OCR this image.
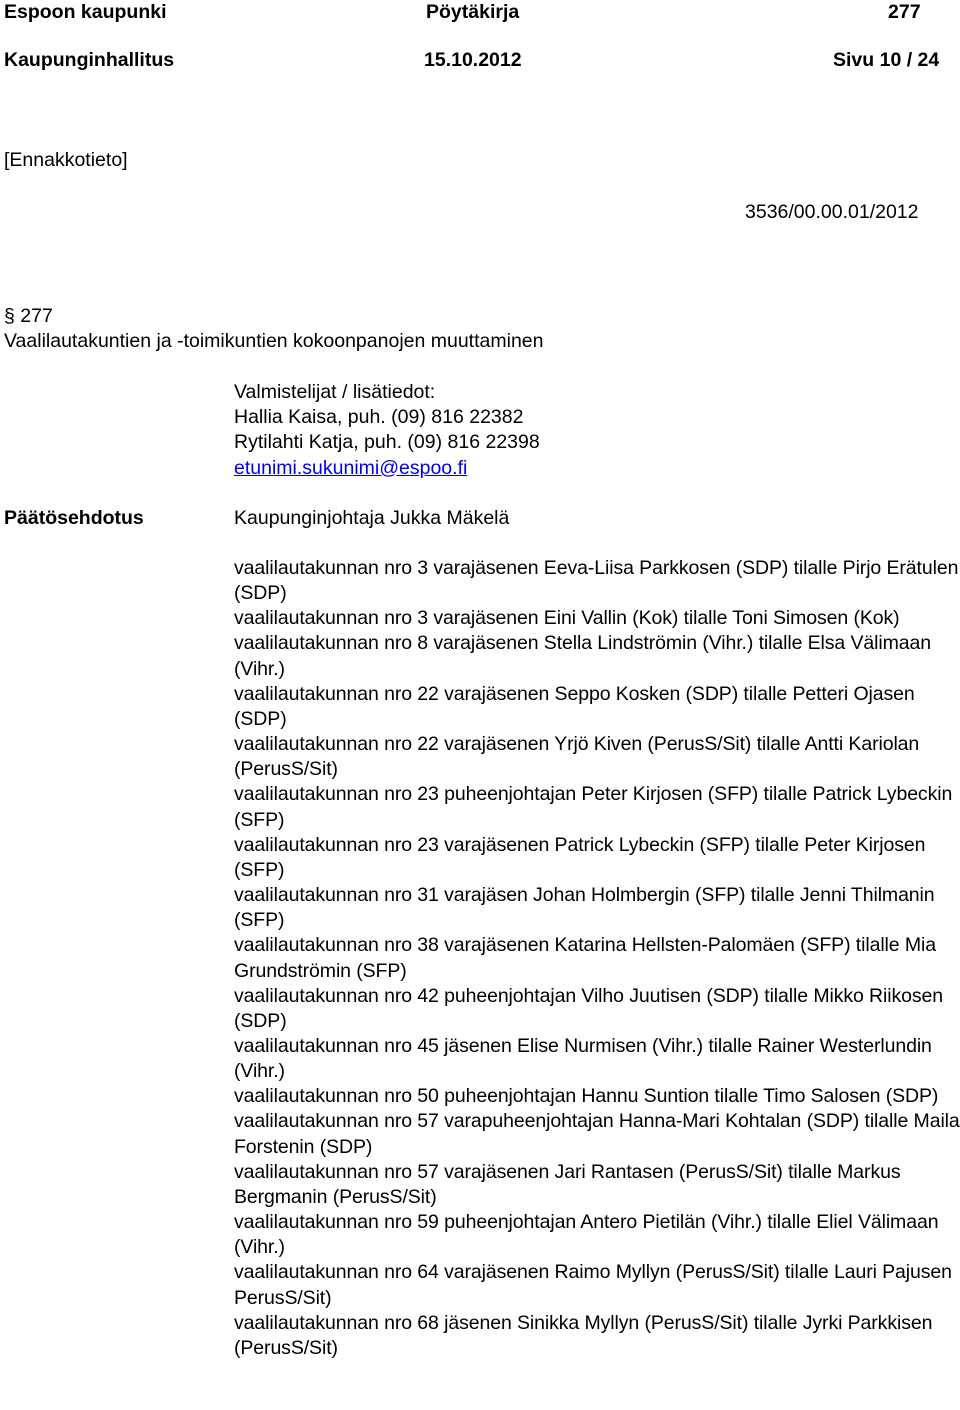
Espoon kaupunki	Pöytäkirja	277
Kaupunginhallitus	15.10.2012	Sivu 10 / 24
[Ennakkotieto]
3536/00.00.01/2012
§ 277
Vaalilautakuntien ja -toimikuntien kokoonpanojen muuttaminen
Valmistelijat / lisätiedot:
Hallia Kaisa, puh. (09) 816 22382
Rytilahti Katja, puh. (09) 816 22398
etunimi.sukunimi@espoo.fi
Päätösehdotus	Kaupunginjohtaja Jukka Mäkelä
vaalilautakunnan nro 3 varajäsenen Eeva-Liisa Parkkosen (SDP) tilalle Pirjo Erätulen (SDP)
vaalilautakunnan nro 3 varajäsenen Eini Vallin (Kok) tilalle Toni Simosen (Kok)
vaalilautakunnan nro 8 varajäsenen Stella Lindströmin (Vihr.) tilalle Elsa Välimaan (Vihr.)
vaalilautakunnan nro 22 varajäsenen Seppo Kosken (SDP) tilalle Petteri Ojasen (SDP)
vaalilautakunnan nro 22 varajäsenen Yrjö Kiven (PerusS/Sit) tilalle Antti Kariolan (PerusS/Sit)
vaalilautakunnan nro 23 puheenjohtajan Peter Kirjosen (SFP) tilalle Patrick Lybeckin (SFP)
vaalilautakunnan nro 23 varajäsenen Patrick Lybeckin (SFP) tilalle Peter Kirjosen (SFP)
vaalilautakunnan nro 31 varajäsen Johan Holmbergin (SFP) tilalle Jenni Thilmanin (SFP)
vaalilautakunnan nro 38 varajäsenen Katarina Hellsten-Palomäen (SFP) tilalle Mia Grundströmin (SFP)
vaalilautakunnan nro 42 puheenjohtajan Vilho Juutisen (SDP) tilalle Mikko Riikosen (SDP)
vaalilautakunnan nro 45 jäsenen Elise Nurmisen (Vihr.) tilalle Rainer Westerlundin (Vihr.)
vaalilautakunnan nro 50 puheenjohtajan Hannu Suntion tilalle Timo Salosen (SDP)
vaalilautakunnan nro 57 varapuheenjohtajan Hanna-Mari Kohtalan (SDP) tilalle Maila Forstenin (SDP)
vaalilautakunnan nro 57 varajäsenen Jari Rantasen (PerusS/Sit) tilalle Markus Bergmanin (PerusS/Sit)
vaalilautakunnan nro 59 puheenjohtajan Antero Pietilän (Vihr.) tilalle Eliel Välimaan (Vihr.)
vaalilautakunnan nro 64 varajäsenen Raimo Myllyn (PerusS/Sit) tilalle Lauri Pajusen PerusS/Sit)
vaalilautakunnan nro 68 jäsenen Sinikka Myllyn (PerusS/Sit) tilalle Jyrki Parkkisen (PerusS/Sit)
